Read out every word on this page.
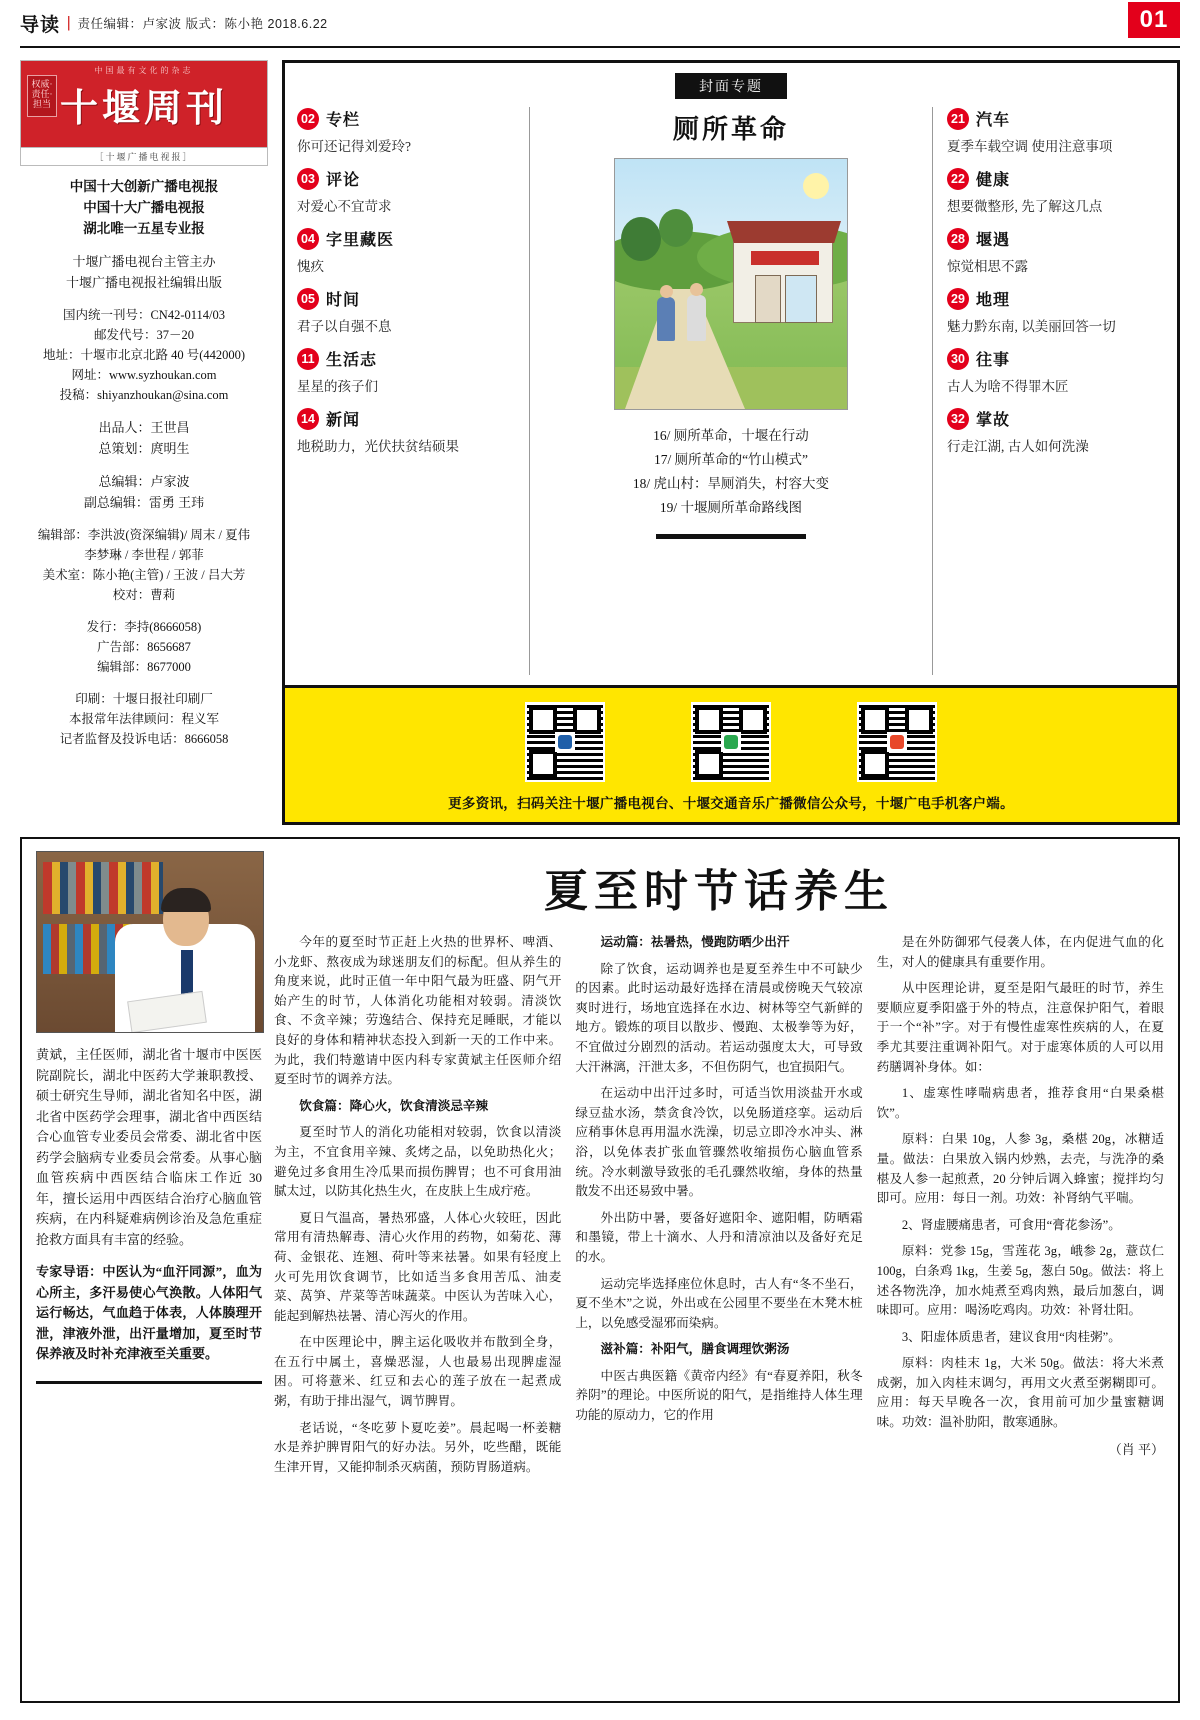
导读 | 责任编辑：卢家波 版式：陈小艳 2018.6.22	01
中国最有文化的杂志
权威·责任·担当 十堰周刊
［十堰广播电视报］
中国十大创新广播电视报
中国十大广播电视报
湖北唯一五星专业报
十堰广播电视台主管主办
十堰广播电视报社编辑出版
国内统一刊号：CN42-0114/03
邮发代号：37－20
地址：十堰市北京北路 40 号(442000)
网址：www.syzhoukan.com
投稿：shiyanzhoukan@sina.com
出品人：王世昌
总策划：庹明生
总编辑：卢家波
副总编辑：雷勇 王玮
编辑部：李洪波(资深编辑)/ 周末 / 夏伟
李梦琳 / 李世程 / 郭菲
美术室：陈小艳(主管) / 王波 / 吕大芳
校对：曹莉
发行：李持(8666058)
广告部：8656687
编辑部：8677000
印刷：十堰日报社印刷厂
本报常年法律顾问：程义军
记者监督及投诉电话：8666058
封面专题
02 专栏
你可还记得刘爱玲?
03 评论
对爱心不宜苛求
04 字里藏医
愧疚
05 时间
君子以自强不息
11 生活志
星星的孩子们
14 新闻
地税助力，光伏扶贫结硕果
厕所革命
16/ 厕所革命，十堰在行动
17/ 厕所革命的“竹山模式”
18/ 虎山村：旱厕消失，村容大变
19/ 十堰厕所革命路线图
21 汽车
夏季车载空调 使用注意事项
22 健康
想要微整形, 先了解这几点
28 堰遇
惊觉相思不露
29 地理
魅力黔东南, 以美丽回答一切
30 往事
古人为啥不得罪木匠
32 掌故
行走江湖, 古人如何洗澡
更多资讯，扫码关注十堰广播电视台、十堰交通音乐广播微信公众号，十堰广电手机客户端。
黄斌，主任医师，湖北省十堰市中医医院副院长，湖北中医药大学兼职教授、硕士研究生导师，湖北省知名中医，湖北省中医药学会理事，湖北省中西医结合心血管专业委员会常委、湖北省中医药学会脑病专业委员会常委。从事心脑血管疾病中西医结合临床工作近 30 年，擅长运用中西医结合治疗心脑血管疾病，在内科疑难病例诊治及急危重症抢救方面具有丰富的经验。
专家导语：中医认为“血汗同源”，血为心所主，多汗易使心气涣散。人体阳气运行畅达，气血趋于体表，人体腠理开泄，津液外泄，出汗量增加，夏至时节保养液及时补充津液至关重要。
夏至时节话养生

今年的夏至时节正赶上火热的世界杯、啤酒、小龙虾、熬夜成为球迷朋友们的标配。但从养生的角度来说，此时正值一年中阳气最为旺盛、阴气开始产生的时节，人体消化功能相对较弱。清淡饮食、不贪辛辣；劳逸结合、保持充足睡眠，才能以良好的身体和精神状态投入到新一天的工作中来。为此，我们特邀请中医内科专家黄斌主任医师介绍夏至时节的调养方法。

饮食篇：降心火，饮食清淡忌辛辣

夏至时节人的消化功能相对较弱，饮食以清淡为主，不宜食用辛辣、炙烤之品，以免助热化火；避免过多食用生冷瓜果而损伤脾胃；也不可食用油腻太过，以防其化热生火，在皮肤上生成疔疮。

夏日气温高，暑热邪盛，人体心火较旺，因此常用有清热解毒、清心火作用的药物，如菊花、薄荷、金银花、连翘、荷叶等来祛暑。如果有轻度上火可先用饮食调节，比如适当多食用苦瓜、油麦菜、莴笋、芹菜等苦味蔬菜。中医认为苦味入心，能起到解热祛暑、清心泻火的作用。

在中医理论中，脾主运化吸收并布散到全身，在五行中属土，喜燥恶湿，人也最易出现脾虚湿困。可将薏米、红豆和去心的莲子放在一起煮成粥，有助于排出湿气，调节脾胃。

老话说，“冬吃萝卜夏吃姜”。晨起喝一杯姜糖水是养护脾胃阳气的好办法。另外，吃些醋，既能生津开胃，又能抑制杀灭病菌，预防胃肠道病。

运动篇：祛暑热，慢跑防晒少出汗

除了饮食，运动调养也是夏至养生中不可缺少的因素。此时运动最好选择在清晨或傍晚天气较凉爽时进行，场地宜选择在水边、树林等空气新鲜的地方。锻炼的项目以散步、慢跑、太极拳等为好，不宜做过分剧烈的活动。若运动强度太大，可导致大汗淋漓，汗泄太多，不但伤阴气，也宜损阳气。

在运动中出汗过多时，可适当饮用淡盐开水或绿豆盐水汤，禁贪食冷饮，以免肠道痉挛。运动后应稍事休息再用温水洗澡，切忌立即冷水冲头、淋浴，以免体表扩张血管骤然收缩损伤心脑血管系统。冷水刺激导致张的毛孔骤然收缩，身体的热量散发不出还易致中暑。

外出防中暑，要备好遮阳伞、遮阳帽，防晒霜和墨镜，带上十滴水、人丹和清凉油以及备好充足的水。

运动完毕选择座位休息时，古人有“冬不坐石，夏不坐木”之说，外出或在公园里不要坐在木凳木桩上，以免感受湿邪而染病。

滋补篇：补阳气，膳食调理饮粥汤

中医古典医籍《黄帝内经》有“春夏养阳，秋冬养阴”的理论。中医所说的阳气，是指维持人体生理功能的原动力，它的作用

是在外防御邪气侵袭人体，在内促进气血的化生，对人的健康具有重要作用。

从中医理论讲，夏至是阳气最旺的时节，养生要顺应夏季阳盛于外的特点，注意保护阳气，着眼于一个“补”字。对于有慢性虚寒性疾病的人，在夏季尤其要注重调补阳气。对于虚寒体质的人可以用药膳调补身体。如：

1、虚寒性哮喘病患者，推荐食用“白果桑椹饮”。

原料：白果 10g，人参 3g，桑椹 20g，冰糖适量。做法：白果放入锅内炒熟，去壳，与洗净的桑椹及人参一起煎煮，20 分钟后调入蜂蜜；搅拌均匀即可。应用：每日一剂。功效：补肾纳气平喘。

2、肾虚腰痛患者，可食用“膏花参汤”。

原料：党参 15g，雪莲花 3g，峨参 2g，薏苡仁 100g，白条鸡 1kg，生姜 5g，葱白 50g。做法：将上述各物洗净，加水炖煮至鸡肉熟，最后加葱白，调味即可。应用：喝汤吃鸡肉。功效：补肾壮阳。

3、阳虚体质患者，建议食用“肉桂粥”。

原料：肉桂末 1g，大米 50g。做法：将大米煮成粥，加入肉桂末调匀，再用文火煮至粥糊即可。应用：每天早晚各一次，食用前可加少量蜜糖调味。功效：温补肋阳，散寒通脉。

（肖 平）
